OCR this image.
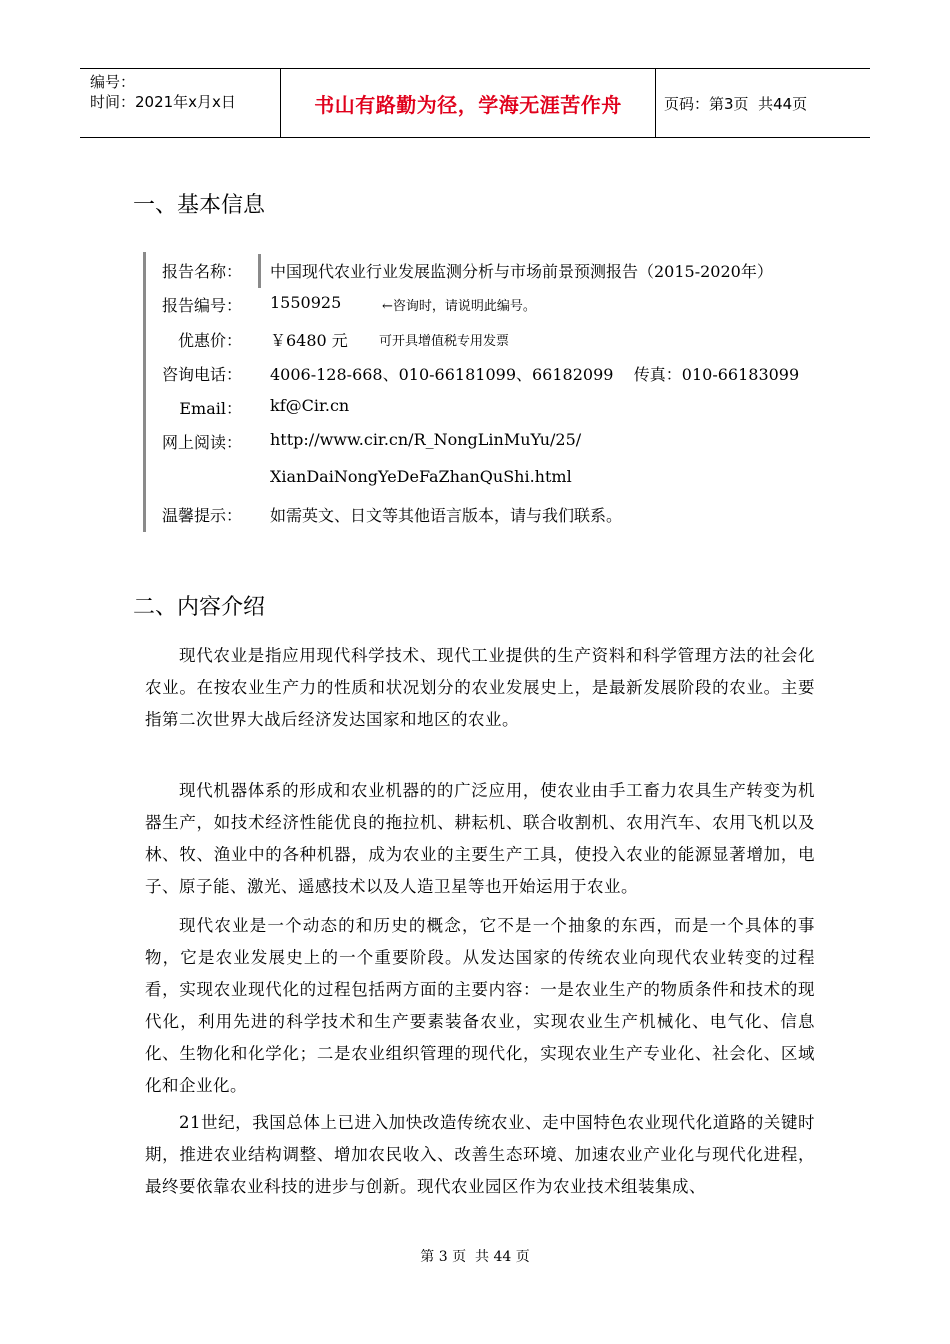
编号：
时间：2021年x月x日	书山有路勤为径，学海无涯苦作舟	页码：第3页  共44页
一、基本信息
报告名称： 中国现代农业行业发展监测分析与市场前景预测报告（2015-2020年）
报告编号： 1550925	←咨询时，请说明此编号。
优惠价： ￥6480 元 可开具增值税专用发票
咨询电话： 4006-128-668、010-66181099、66182099    传真：010-66183099
Email： kf@Cir.cn
网上阅读： http://www.cir.cn/R_NongLinMuYu/25/
XianDaiNongYeDeFaZhanQuShi.html
温馨提示： 如需英文、日文等其他语言版本，请与我们联系。
二、内容介绍

现代农业是指应用现代科学技术、现代工业提供的生产资料和科学管理方法的社会化农业。在按农业生产力的性质和状况划分的农业发展史上，是最新发展阶段的农业。主要指第二次世界大战后经济发达国家和地区的农业。

现代机器体系的形成和农业机器的的广泛应用，使农业由手工畜力农具生产转变为机器生产，如技术经济性能优良的拖拉机、耕耘机、联合收割机、农用汽车、农用飞机以及林、牧、渔业中的各种机器，成为农业的主要生产工具，使投入农业的能源显著增加，电子、原子能、激光、遥感技术以及人造卫星等也开始运用于农业。

现代农业是一个动态的和历史的概念，它不是一个抽象的东西，而是一个具体的事物，它是农业发展史上的一个重要阶段。从发达国家的传统农业向现代农业转变的过程看，实现农业现代化的过程包括两方面的主要内容：一是农业生产的物质条件和技术的现代化，利用先进的科学技术和生产要素装备农业，实现农业生产机械化、电气化、信息化、生物化和化学化；二是农业组织管理的现代化，实现农业生产专业化、社会化、区域化和企业化。

21世纪，我国总体上已进入加快改造传统农业、走中国特色农业现代化道路的关键时期，推进农业结构调整、增加农民收入、改善生态环境、加速农业产业化与现代化进程，最终要依靠农业科技的进步与创新。现代农业园区作为农业技术组装集成、

第 3 页  共 44 页
